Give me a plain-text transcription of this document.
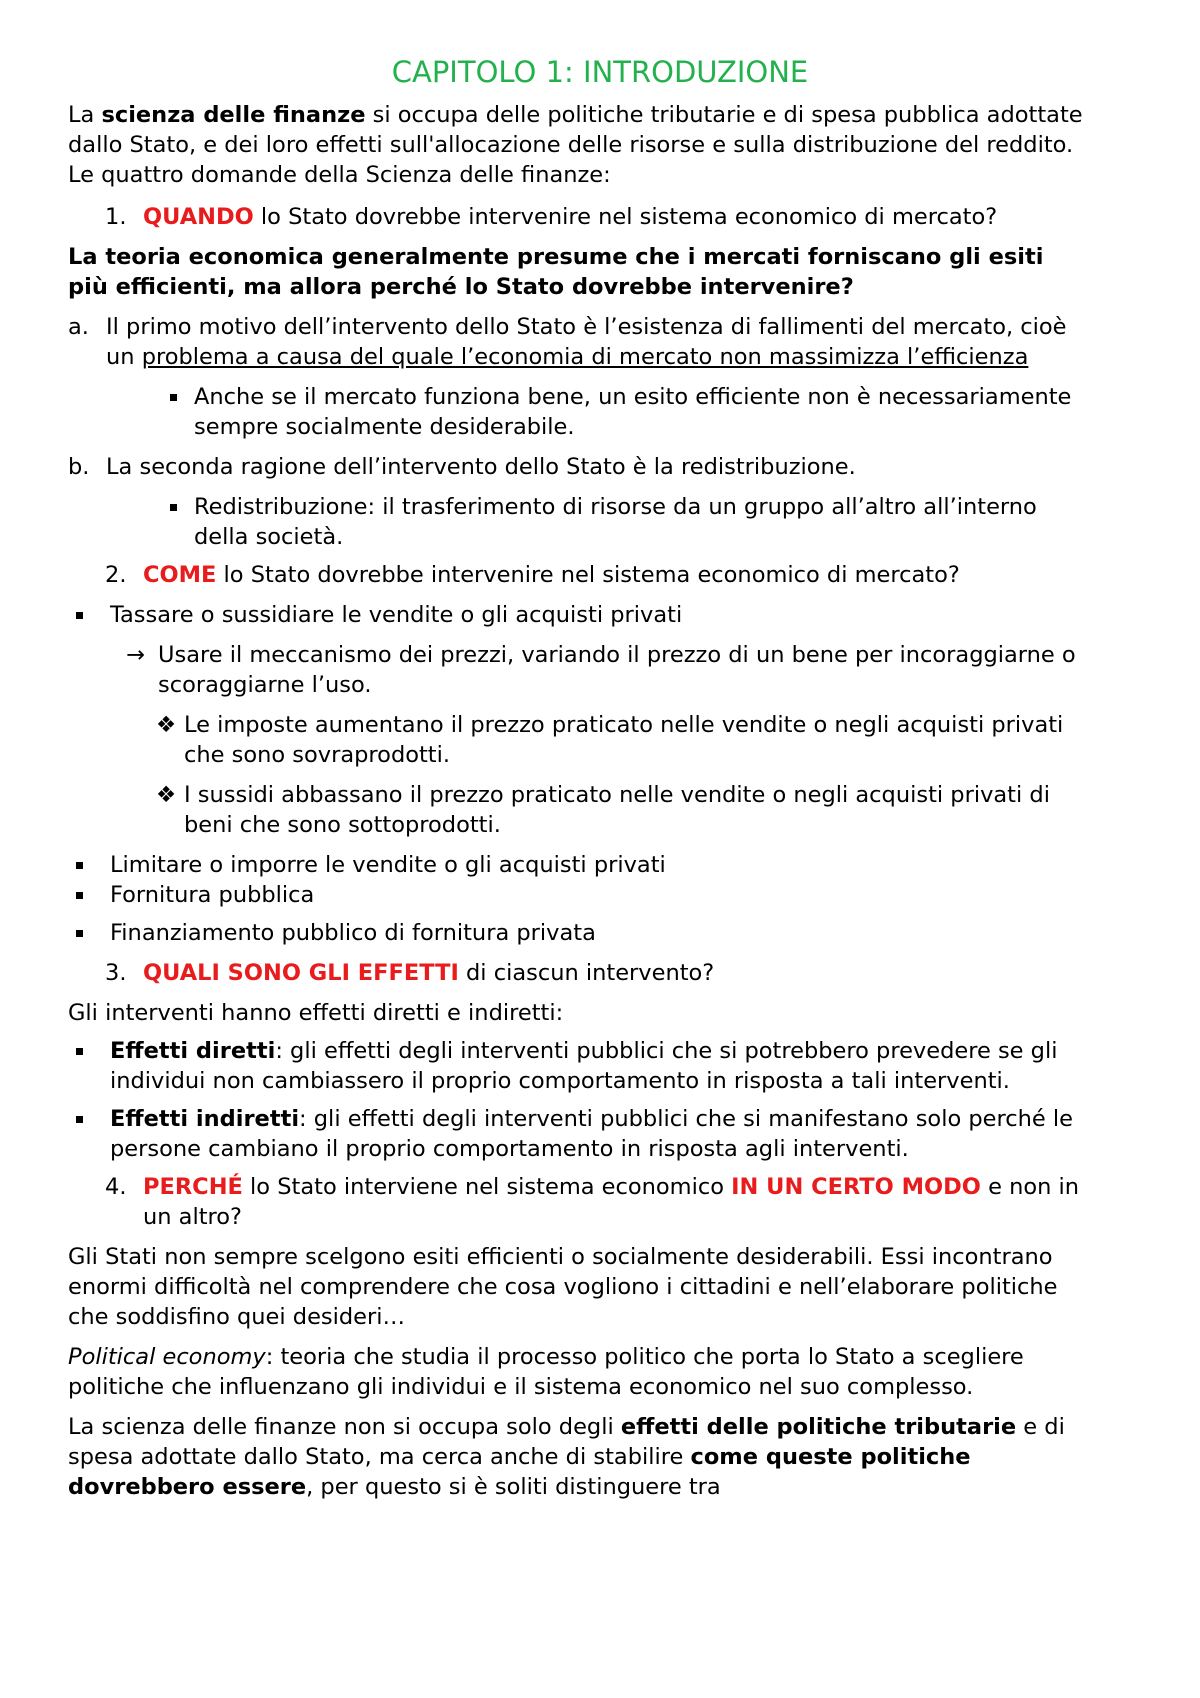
CAPITOLO 1: INTRODUZIONE

La scienza delle finanze si occupa delle politiche tributarie e di spesa pubblica adottate dallo Stato, e dei loro effetti sull'allocazione delle risorse e sulla distribuzione del reddito. Le quattro domande della Scienza delle finanze:

1. QUANDO lo Stato dovrebbe intervenire nel sistema economico di mercato?

La teoria economica generalmente presume che i mercati forniscano gli esiti più efficienti, ma allora perché lo Stato dovrebbe intervenire?

a. Il primo motivo dell’intervento dello Stato è l’esistenza di fallimenti del mercato, cioè un problema a causa del quale l’economia di mercato non massimizza l’efficienza
Anche se il mercato funziona bene, un esito efficiente non è necessariamente sempre socialmente desiderabile.
b. La seconda ragione dell’intervento dello Stato è la redistribuzione.
Redistribuzione: il trasferimento di risorse da un gruppo all’altro all’interno della società.
2. COME lo Stato dovrebbe intervenire nel sistema economico di mercato?
Tassare o sussidiare le vendite o gli acquisti privati
→ Usare il meccanismo dei prezzi, variando il prezzo di un bene per incoraggiarne o scoraggiarne l’uso.
❖ Le imposte aumentano il prezzo praticato nelle vendite o negli acquisti privati che sono sovraprodotti.
❖ I sussidi abbassano il prezzo praticato nelle vendite o negli acquisti privati di beni che sono sottoprodotti.
Limitare o imporre le vendite o gli acquisti privati
Fornitura pubblica
Finanziamento pubblico di fornitura privata
3. QUALI SONO GLI EFFETTI di ciascun intervento?

Gli interventi hanno effetti diretti e indiretti:

Effetti diretti: gli effetti degli interventi pubblici che si potrebbero prevedere se gli individui non cambiassero il proprio comportamento in risposta a tali interventi.
Effetti indiretti: gli effetti degli interventi pubblici che si manifestano solo perché le persone cambiano il proprio comportamento in risposta agli interventi.
4. PERCHÉ lo Stato interviene nel sistema economico IN UN CERTO MODO e non in un altro?

Gli Stati non sempre scelgono esiti efficienti o socialmente desiderabili. Essi incontrano enormi difficoltà nel comprendere che cosa vogliono i cittadini e nell’elaborare politiche che soddisfino quei desideri…

Political economy: teoria che studia il processo politico che porta lo Stato a scegliere politiche che influenzano gli individui e il sistema economico nel suo complesso.

La scienza delle finanze non si occupa solo degli effetti delle politiche tributarie e di spesa adottate dallo Stato, ma cerca anche di stabilire come queste politiche dovrebbero essere, per questo si è soliti distinguere tra
